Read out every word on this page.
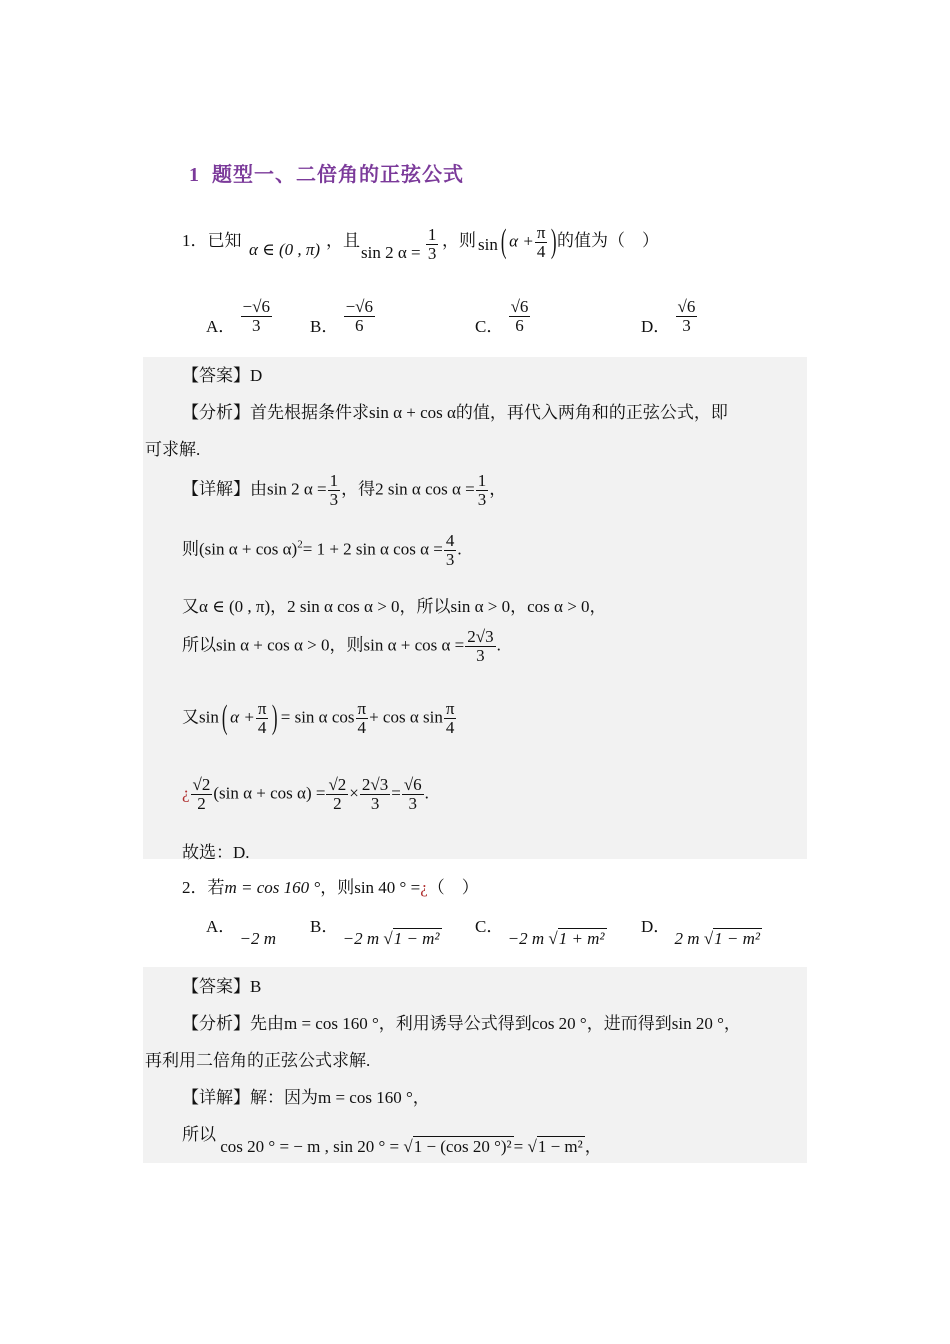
1 题型一、二倍角的正弦公式
1．已知 α ∈ (0 , π) ，且
sin 2 $\alpha = \frac{1}{3}$ ，则 sin( $\alpha + \frac{\pi}{4}$ ) 的值为（　）
A． $\frac{-√6}{3}$ B． $\frac{-√6}{6}$	C． $\frac{√6}{6}$	D． $\frac{√6}{3}$
【答案】D
【分析】首先根据条件求sin α + cos α的值，再代入两角和的正弦公式，即
可求解.
【详解】由sin 2 $\alpha = \frac{1}{3}$ ，得2 sin α $\cos \alpha = \frac{1}{3}$ ，
则(sin α + cos α)$^2$= 1 + 2 sin α $\cos \alpha = \frac{4}{3}$ .
又α ∈ (0 , π)，2 sin α cos α > 0，所以sin α > 0，cos α > 0，
所以sin α + cos α > 0，则$\sin \alpha + \cos \alpha = \frac{2√3}{3}$ .
又sin( $\alpha + \frac{\pi}{4}$ ) = sin α $\cos \frac{\pi}{4} + \cos \alpha$ $\sin \frac{\pi}{4}$
¿ $\frac{√2}{2} (\sin$ $\alpha + \cos \alpha) = \frac{√2}{2} \times \frac{2√3}{3} = \frac{√6}{3}$ .
故选：D.
2．若m = cos 160 °，则sin 40 ° =¿（　）
A． −2 m
B． −2 m √1 − m²
C． −2 m √1 + m²
D． 2 m √1 − m²
【答案】B
【分析】先由m = cos 160 °，利用诱导公式得到cos 20 °，进而得到sin 20 °，
再利用二倍角的正弦公式求解.
【详解】解：因为m = cos 160 °，
所以 cos 20 ° = − m , sin 20 ° = √1 − (cos 20 °)² = √1 − m² ，
